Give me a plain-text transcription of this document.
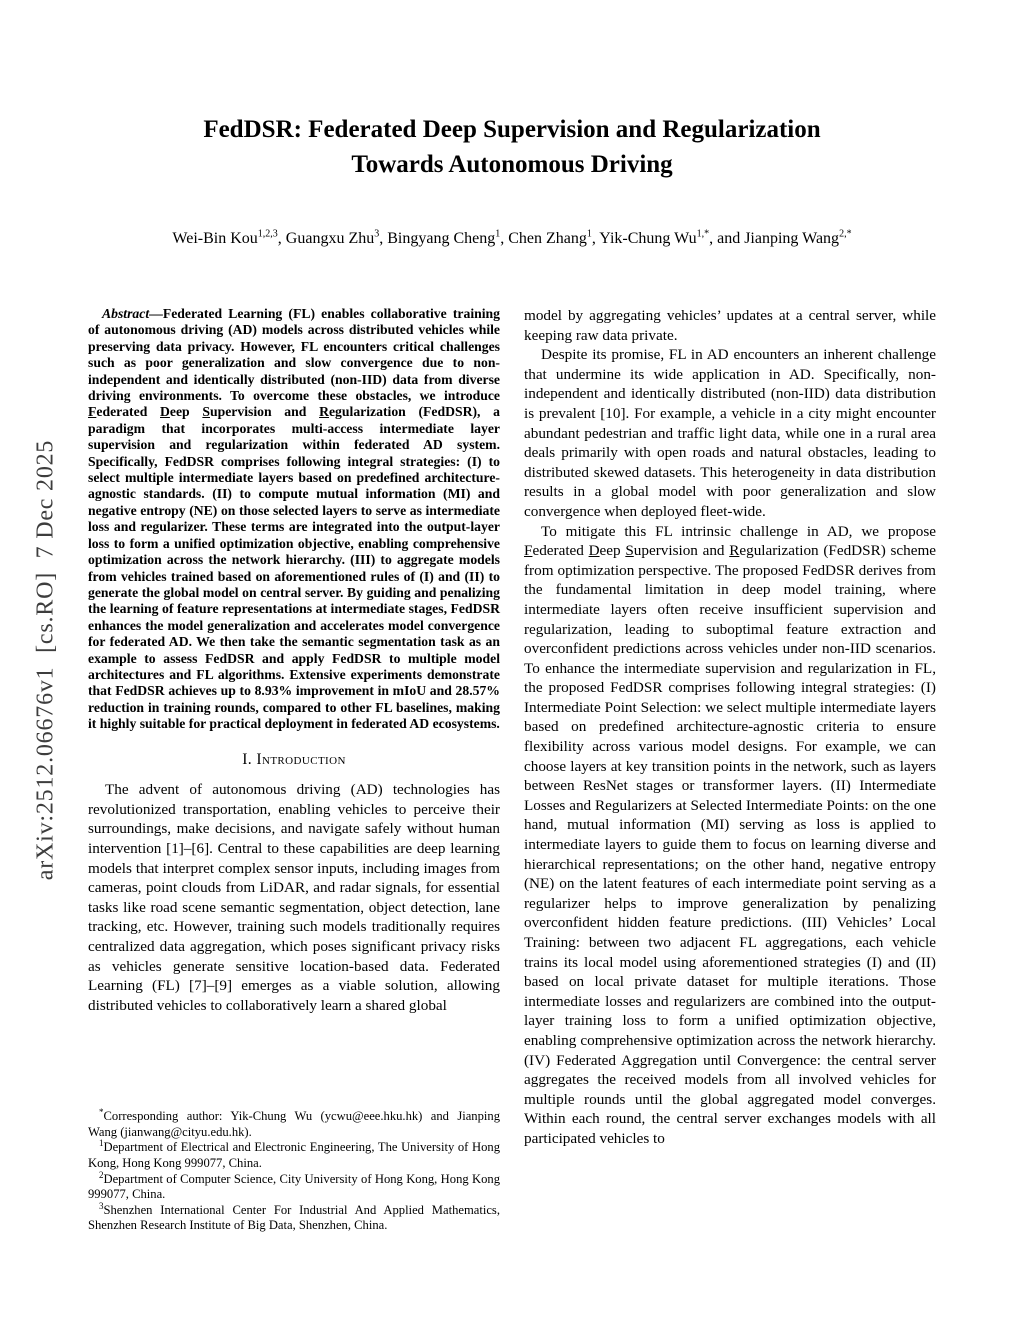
arXiv:2512.06676v1  [cs.RO]  7 Dec 2025
FedDSR: Federated Deep Supervision and Regularization
Towards Autonomous Driving
Wei-Bin Kou$^{1,2,3}$, Guangxu Zhu$^3$, Bingyang Cheng$^1$, Chen Zhang$^1$, Yik-Chung $Wu^{1,*}$, and Jianping Wang$^{2,*}$

Abstract—Federated Learning (FL) enables collaborative training of autonomous driving (AD) models across distributed vehicles while preserving data privacy. However, FL encounters critical challenges such as poor generalization and slow convergence due to non-independent and identically distributed (non-IID) data from diverse driving environments. To overcome these obstacles, we introduce Federated Deep Supervision and Regularization (FedDSR), a paradigm that incorporates multi-access intermediate layer supervision and regularization within federated AD system. Specifically, FedDSR comprises following integral strategies: (I) to select multiple intermediate layers based on predefined architecture-agnostic standards. (II) to compute mutual information (MI) and negative entropy (NE) on those selected layers to serve as intermediate loss and regularizer. These terms are integrated into the output-layer loss to form a unified optimization objective, enabling comprehensive optimization across the network hierarchy. (III) to aggregate models from vehicles trained based on aforementioned rules of (I) and (II) to generate the global model on central server. By guiding and penalizing the learning of feature representations at intermediate stages, FedDSR enhances the model generalization and accelerates model convergence for federated AD. We then take the semantic segmentation task as an example to assess FedDSR and apply FedDSR to multiple model architectures and FL algorithms. Extensive experiments demonstrate that FedDSR achieves up to 8.93% improvement in mIoU and 28.57% reduction in training rounds, compared to other FL baselines, making it highly suitable for practical deployment in federated AD ecosystems.

I. Introduction

The advent of autonomous driving (AD) technologies has revolutionized transportation, enabling vehicles to perceive their surroundings, make decisions, and navigate safely without human intervention [1]–[6]. Central to these capabilities are deep learning models that interpret complex sensor inputs, including images from cameras, point clouds from LiDAR, and radar signals, for essential tasks like road scene semantic segmentation, object detection, lane tracking, etc. However, training such models traditionally requires centralized data aggregation, which poses significant privacy risks as vehicles generate sensitive location-based data. Federated Learning (FL) [7]–[9] emerges as a viable solution, allowing distributed vehicles to collaboratively learn a shared global

*Corresponding author: Yik-Chung Wu (ycwu@eee.hku.hk) and Jianping Wang (jianwang@cityu.edu.hk).

$^1$Department of Electrical and Electronic Engineering, The University of Hong Kong, Hong Kong 999077, China.

$^2$Department of Computer Science, City University of Hong Kong, Hong Kong 999077, China.

$^3$Shenzhen International Center For Industrial And Applied Mathematics, Shenzhen Research Institute of Big Data, Shenzhen, China.

model by aggregating vehicles’ updates at a central server, while keeping raw data private.

Despite its promise, FL in AD encounters an inherent challenge that undermine its wide application in AD. Specifically, non-independent and identically distributed (non-IID) data distribution is prevalent [10]. For example, a vehicle in a city might encounter abundant pedestrian and traffic light data, while one in a rural area deals primarily with open roads and natural obstacles, leading to distributed skewed datasets. This heterogeneity in data distribution results in a global model with poor generalization and slow convergence when deployed fleet-wide.

To mitigate this FL intrinsic challenge in AD, we propose Federated Deep Supervision and Regularization (FedDSR) scheme from optimization perspective. The proposed FedDSR derives from the fundamental limitation in deep model training, where intermediate layers often receive insufficient supervision and regularization, leading to suboptimal feature extraction and overconfident predictions across vehicles under non-IID scenarios. To enhance the intermediate supervision and regularization in FL, the proposed FedDSR comprises following integral strategies: (I) Intermediate Point Selection: we select multiple intermediate layers based on predefined architecture-agnostic criteria to ensure flexibility across various model designs. For example, we can choose layers at key transition points in the network, such as layers between ResNet stages or transformer layers. (II) Intermediate Losses and Regularizers at Selected Intermediate Points: on the one hand, mutual information (MI) serving as loss is applied to intermediate layers to guide them to focus on learning diverse and hierarchical representations; on the other hand, negative entropy (NE) on the latent features of each intermediate point serving as a regularizer helps to improve generalization by penalizing overconfident hidden feature predictions. (III) Vehicles’ Local Training: between two adjacent FL aggregations, each vehicle trains its local model using aforementioned strategies (I) and (II) based on local private dataset for multiple iterations. Those intermediate losses and regularizers are combined into the output-layer training loss to form a unified optimization objective, enabling comprehensive optimization across the network hierarchy. (IV) Federated Aggregation until Convergence: the central server aggregates the received models from all involved vehicles for multiple rounds until the global aggregated model converges. Within each round, the central server exchanges models with all participated vehicles to
